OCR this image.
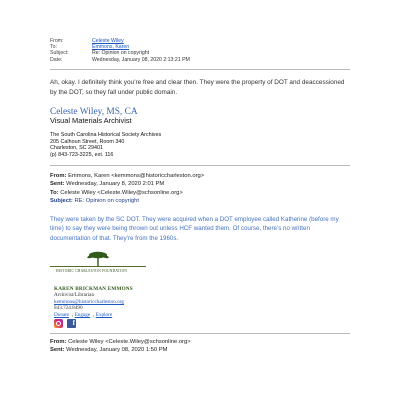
From:	Celeste Wiley
To:	Emmons, Karen
Subject:	Re: Opinion on copyright
Date:	Wednesday, January 08, 2020 2:13:21 PM

Ah, okay. I definitely think you’re free and clear then. They were the property of DOT and deaccessioned by the DOT, so they fall under public domain.

Celeste Wiley, MS, CA
Visual Materials Archivist
The South Carolina Historical Society Archives
205 Calhoun Street, Room 340
Charleston, SC 29401
(p) 843-723-3225, ext. 116
From: Emmons, Karen <kemmons@historiccharleston.org>
Sent: Wednesday, January 8, 2020 2:01 PM
To: Celeste Wiley <Celeste.Wiley@schsonline.org>
Subject: RE: Opinion on copyright

They were taken by the SC DOT. They were acquired when a DOT employee called Katherine (before my time) to say they were being thrown out unless HCF wanted them. Of course, there’s no written documentation of that. They’re from the 1960s.

HISTORIC CHARLESTON FOUNDATION
KAREN BRICKMAN EMMONS
Archivist/Librarian
kemmons@historiccharleston.org
843.724.8490
Donate , Engage , Explore
f
From: Celeste Wiley <Celeste.Wiley@schsonline.org>
Sent: Wednesday, January 08, 2020 1:50 PM
